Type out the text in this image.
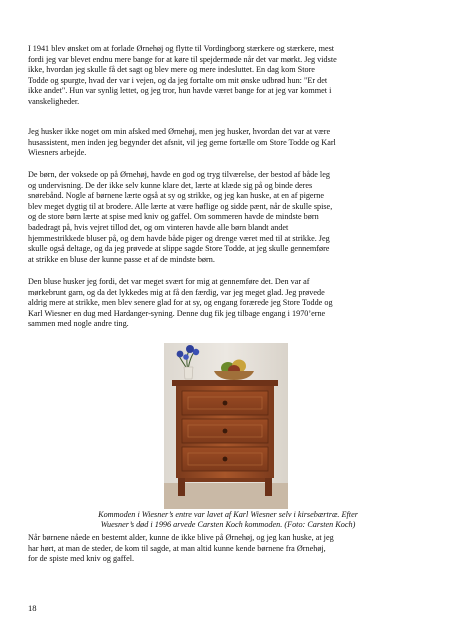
I 1941 blev ønsket om at forlade Ørnehøj og flytte til Vordingborg stærkere og stærkere, mest
fordi jeg var blevet endnu mere bange for at køre til spejdermøde når det var mørkt. Jeg vidste
ikke, hvordan jeg skulle få det sagt og blev mere og mere indesluttet. En dag kom Store
Todde og spurgte, hvad der var i vejen, og da jeg fortalte om mit ønske udbrød hun: "Er det
ikke andet". Hun var synlig lettet, og jeg tror, hun havde været bange for at jeg var kommet i
vanskeligheder.

Jeg husker ikke noget om min afsked med Ørnehøj, men jeg husker, hvordan det var at være
husassistent, men inden jeg begynder det afsnit, vil jeg gerne fortælle om Store Todde og Karl
Wiesners arbejde.

De børn, der voksede op på Ørnehøj, havde en god og tryg tilværelse, der bestod af både leg
og undervisning. De der ikke selv kunne klare det, lærte at klæde sig på og binde deres
snørebånd. Nogle af børnene lærte også at sy og strikke, og jeg kan huske, at en af pigerne
blev meget dygtig til at brodere. Alle lærte at være høflige og sidde pænt, når de skulle spise,
og de store børn lærte at spise med kniv og gaffel. Om sommeren havde de mindste børn
badedragt på, hvis vejret tillod det, og om vinteren havde alle børn blandt andet
hjemmestrikkede bluser på, og dem havde både piger og drenge været med til at strikke. Jeg
skulle også deltage, og da jeg prøvede at slippe sagde Store Todde, at jeg skulle gennemføre
at strikke en bluse der kunne passe et af de mindste børn.

Den bluse husker jeg fordi, det var meget svært for mig at gennemføre det. Den var af
mørkebrunt garn, og da det lykkedes mig at få den færdig, var jeg meget glad. Jeg prøvede
aldrig mere at strikke, men blev senere glad for at sy, og engang forærede jeg Store Todde og
Karl Wiesner en dug med Hardanger-syning. Denne dug fik jeg tilbage engang i 1970’erne
sammen med nogle andre ting.

Kommoden i Wiesner’s entre var lavet af Karl Wiesner selv i kirsebærtræ. Efter
Wuesner’s død i 1996 arvede Carsten Koch kommoden. (Foto: Carsten Koch)

Når børnene nåede en bestemt alder, kunne de ikke blive på Ørnehøj, og jeg kan huske, at jeg
har hørt, at man de steder, de kom til sagde, at man altid kunne kende børnene fra Ørnehøj,
for de spiste med kniv og gaffel.

18
